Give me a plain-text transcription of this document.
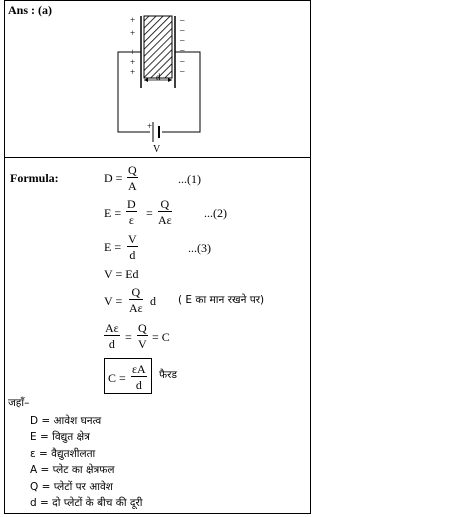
Ans : (a)
+
+
+
+
+
–
–
–
–
–
–
d
+
V
Formula:	$D = \frac{Q}{A}$	...(1)
$E = \frac{D}{\varepsilon} = \frac{Q}{A\varepsilon}$	...(2)
$E = \frac{V}{d}$	...(3)
V = Ed
$V = \frac{Q}{A\varepsilon}$ d ( E का मान रखने पर)
$\frac{A\varepsilon}{d} = \frac{Q}{V} = C$
$C = \frac{\varepsilon A}{d}$ फैरड
जहाँ–
D = आवेश घनत्व
E = विद्युत क्षेत्र
ε = वैद्युतशीलता
A = प्लेट का क्षेत्रफल
Q = प्लेटों पर आवेश
d = दो प्लेटों के बीच की दूरी
